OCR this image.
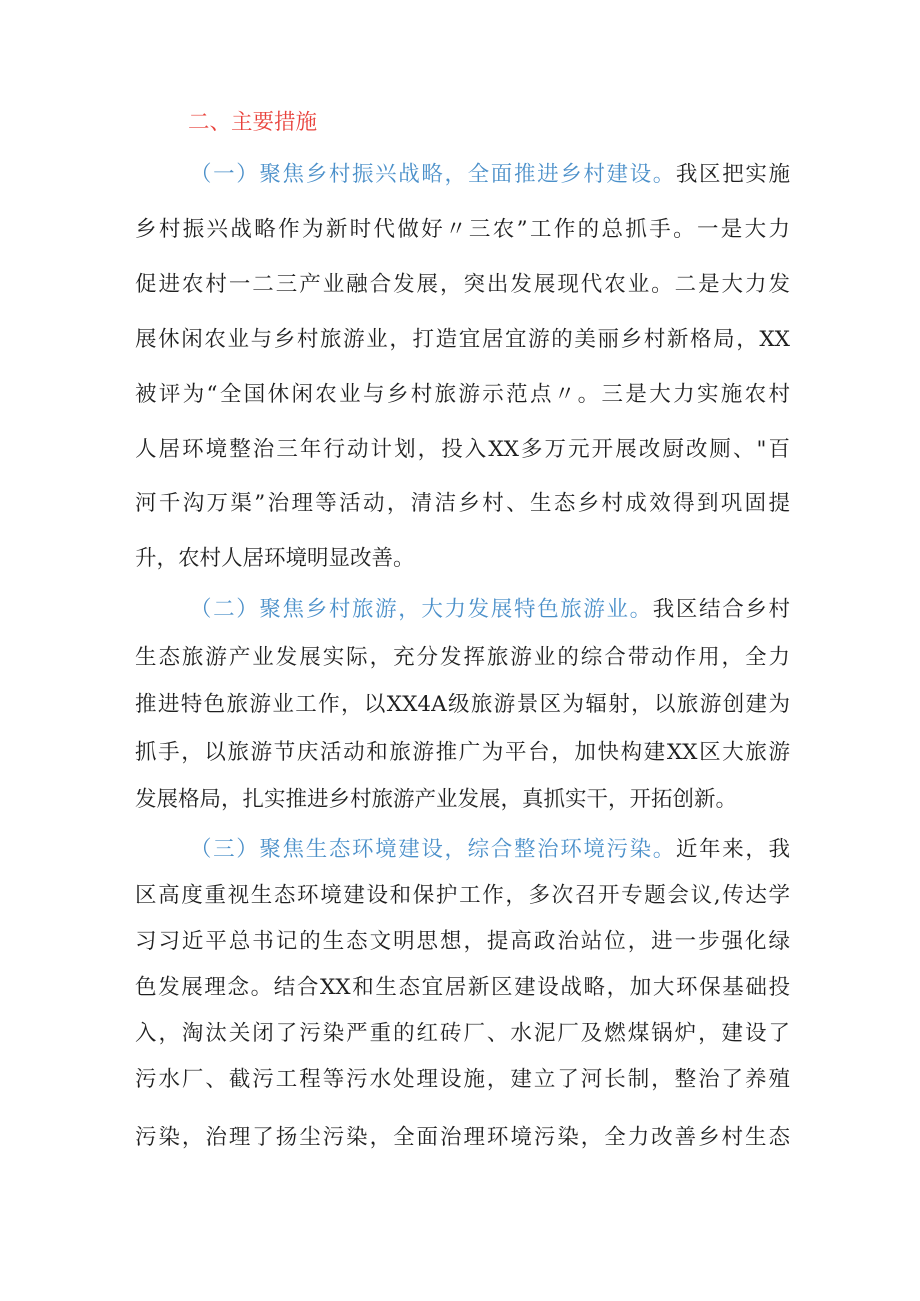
二、主要措施
（一）聚焦乡村振兴战略，全面推进乡村建设。我区把实施
乡村振兴战略作为新时代做好〃三农”工作的总抓手。一是大力
促进农村一二三产业融合发展，突出发展现代农业。二是大力发
展休闲农业与乡村旅游业，打造宜居宜游的美丽乡村新格局，XX
被评为“全国休闲农业与乡村旅游示范点〃。三是大力实施农村
人居环境整治三年行动计划，投入XX多万元开展改厨改厕、"百
河千沟万渠”治理等活动，清洁乡村、生态乡村成效得到巩固提
升，农村人居环境明显改善。
（二）聚焦乡村旅游，大力发展特色旅游业。我区结合乡村
生态旅游产业发展实际，充分发挥旅游业的综合带动作用，全力
推进特色旅游业工作，以XX4A级旅游景区为辐射，以旅游创建为
抓手，以旅游节庆活动和旅游推广为平台，加快构建XX区大旅游
发展格局，扎实推进乡村旅游产业发展，真抓实干，开拓创新。
（三）聚焦生态环境建设，综合整治环境污染。近年来，我
区高度重视生态环境建设和保护工作，多次召开专题会议,传达学
习习近平总书记的生态文明思想，提高政治站位，进一步强化绿
色发展理念。结合XX和生态宜居新区建设战略，加大环保基础投
入，淘汰关闭了污染严重的红砖厂、水泥厂及燃煤锅炉，建设了
污水厂、截污工程等污水处理设施，建立了河长制，整治了养殖
污染，治理了扬尘污染，全面治理环境污染，全力改善乡村生态
